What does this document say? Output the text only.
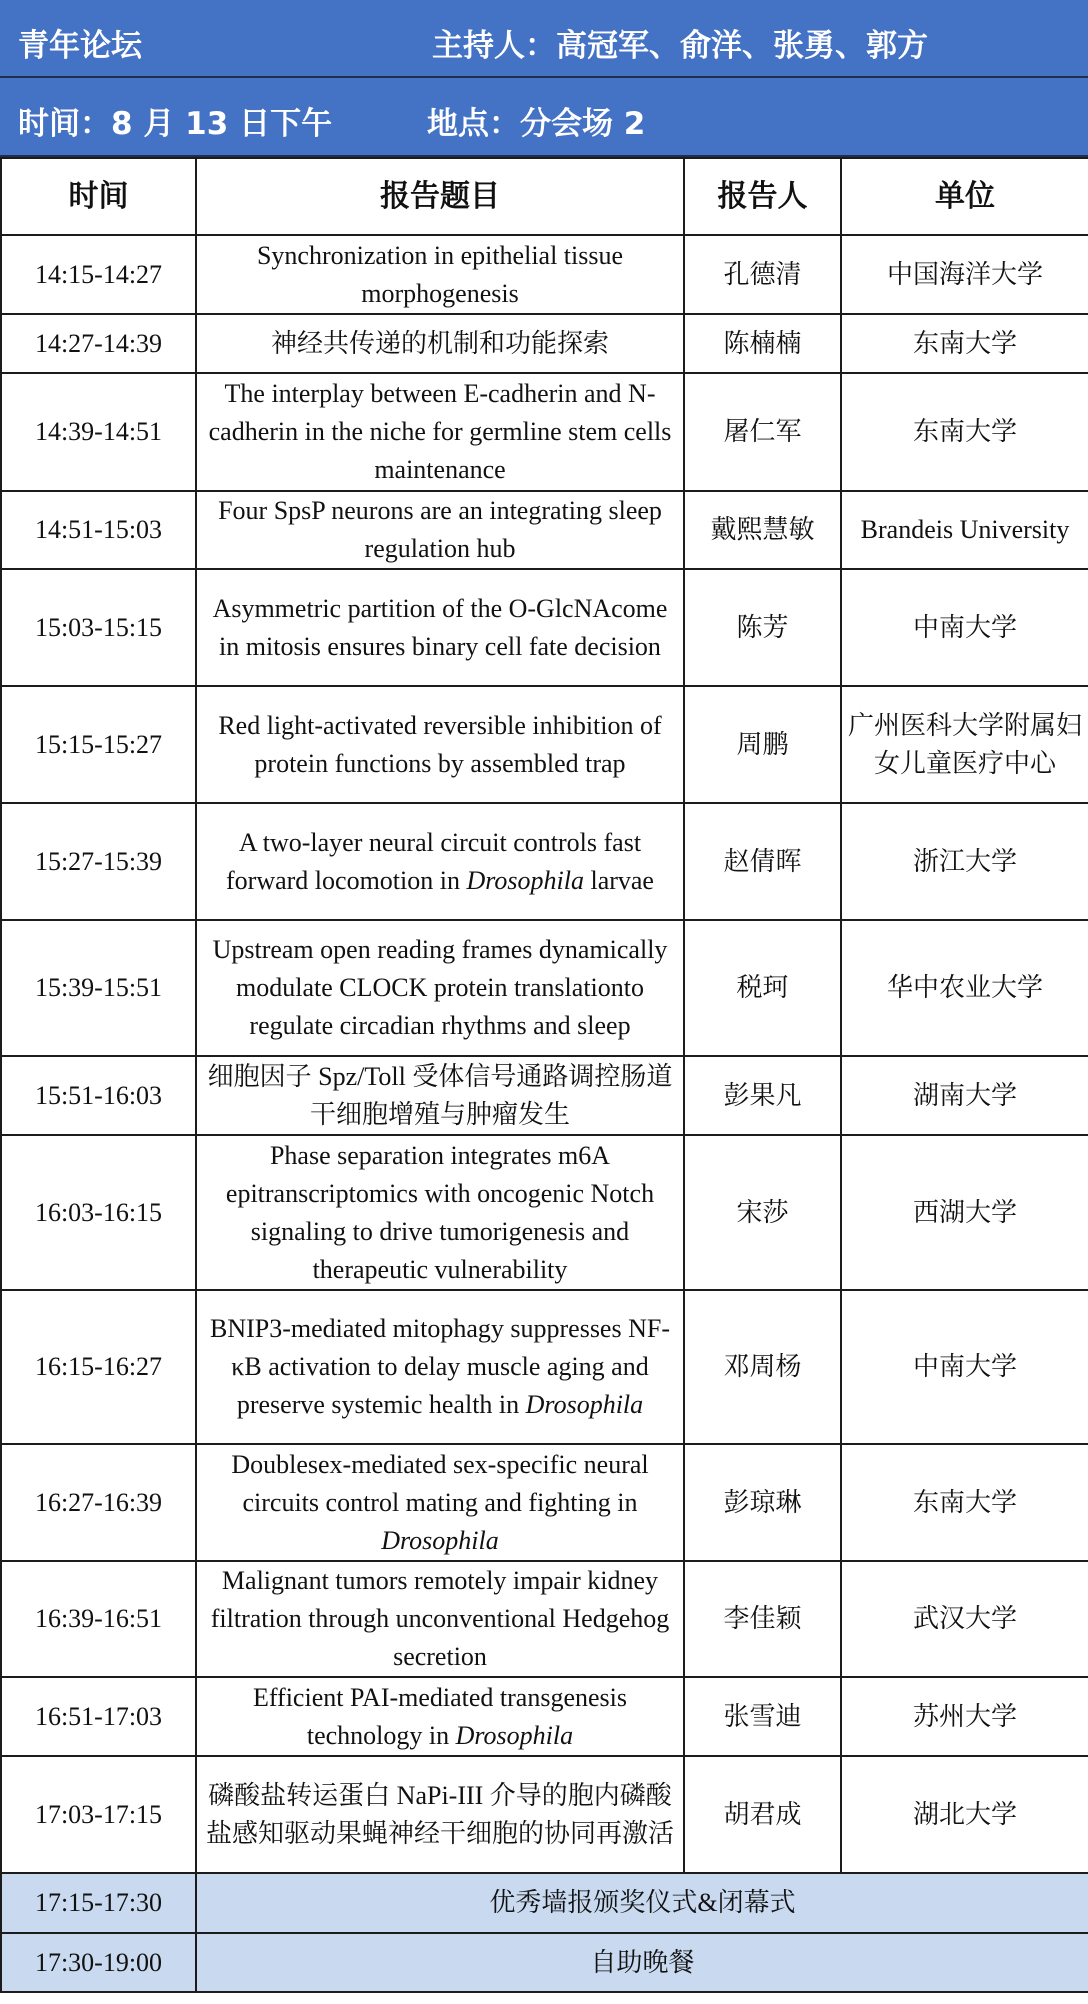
青年论坛	主持人：高冠军、俞洋、张勇、郭方
时间：8 月 13 日下午	地点：分会场 2
时间	报告题目	报告人	单位
14:15-14:27	Synchronization in epithelial tissue morphogenesis	孔德清	中国海洋大学
14:27-14:39	神经共传递的机制和功能探索	陈楠楠	东南大学
14:39-14:51	The interplay between E-cadherin and N-cadherin in the niche for germline stem cells maintenance	屠仁军	东南大学
14:51-15:03	Four SpsP neurons are an integrating sleep regulation hub	戴熙慧敏	Brandeis University
15:03-15:15	Asymmetric partition of the O-GlcNAcome in mitosis ensures binary cell fate decision	陈芳	中南大学
15:15-15:27	Red light-activated reversible inhibition of protein functions by assembled trap	周鹏	广州医科大学附属妇女儿童医疗中心
15:27-15:39	A two-layer neural circuit controls fast forward locomotion in Drosophila larvae	赵倩晖	浙江大学
15:39-15:51	Upstream open reading frames dynamically modulate CLOCK protein translationto regulate circadian rhythms and sleep	税珂	华中农业大学
15:51-16:03	细胞因子 Spz/Toll 受体信号通路调控肠道干细胞增殖与肿瘤发生	彭果凡	湖南大学
16:03-16:15	Phase separation integrates m6A epitranscriptomics with oncogenic Notch signaling to drive tumorigenesis and therapeutic vulnerability	宋莎	西湖大学
16:15-16:27	BNIP3-mediated mitophagy suppresses NF-κB activation to delay muscle aging and preserve systemic health in Drosophila	邓周杨	中南大学
16:27-16:39	Doublesex-mediated sex-specific neural circuits control mating and fighting in Drosophila	彭琼琳	东南大学
16:39-16:51	Malignant tumors remotely impair kidney filtration through unconventional Hedgehog secretion	李佳颖	武汉大学
16:51-17:03	Efficient PAI-mediated transgenesis technology in Drosophila	张雪迪	苏州大学
17:03-17:15	磷酸盐转运蛋白 NaPi-III 介导的胞内磷酸盐感知驱动果蝇神经干细胞的协同再激活	胡君成	湖北大学
17:15-17:30	优秀墙报颁奖仪式&闭幕式		
17:30-19:00	自助晚餐		
